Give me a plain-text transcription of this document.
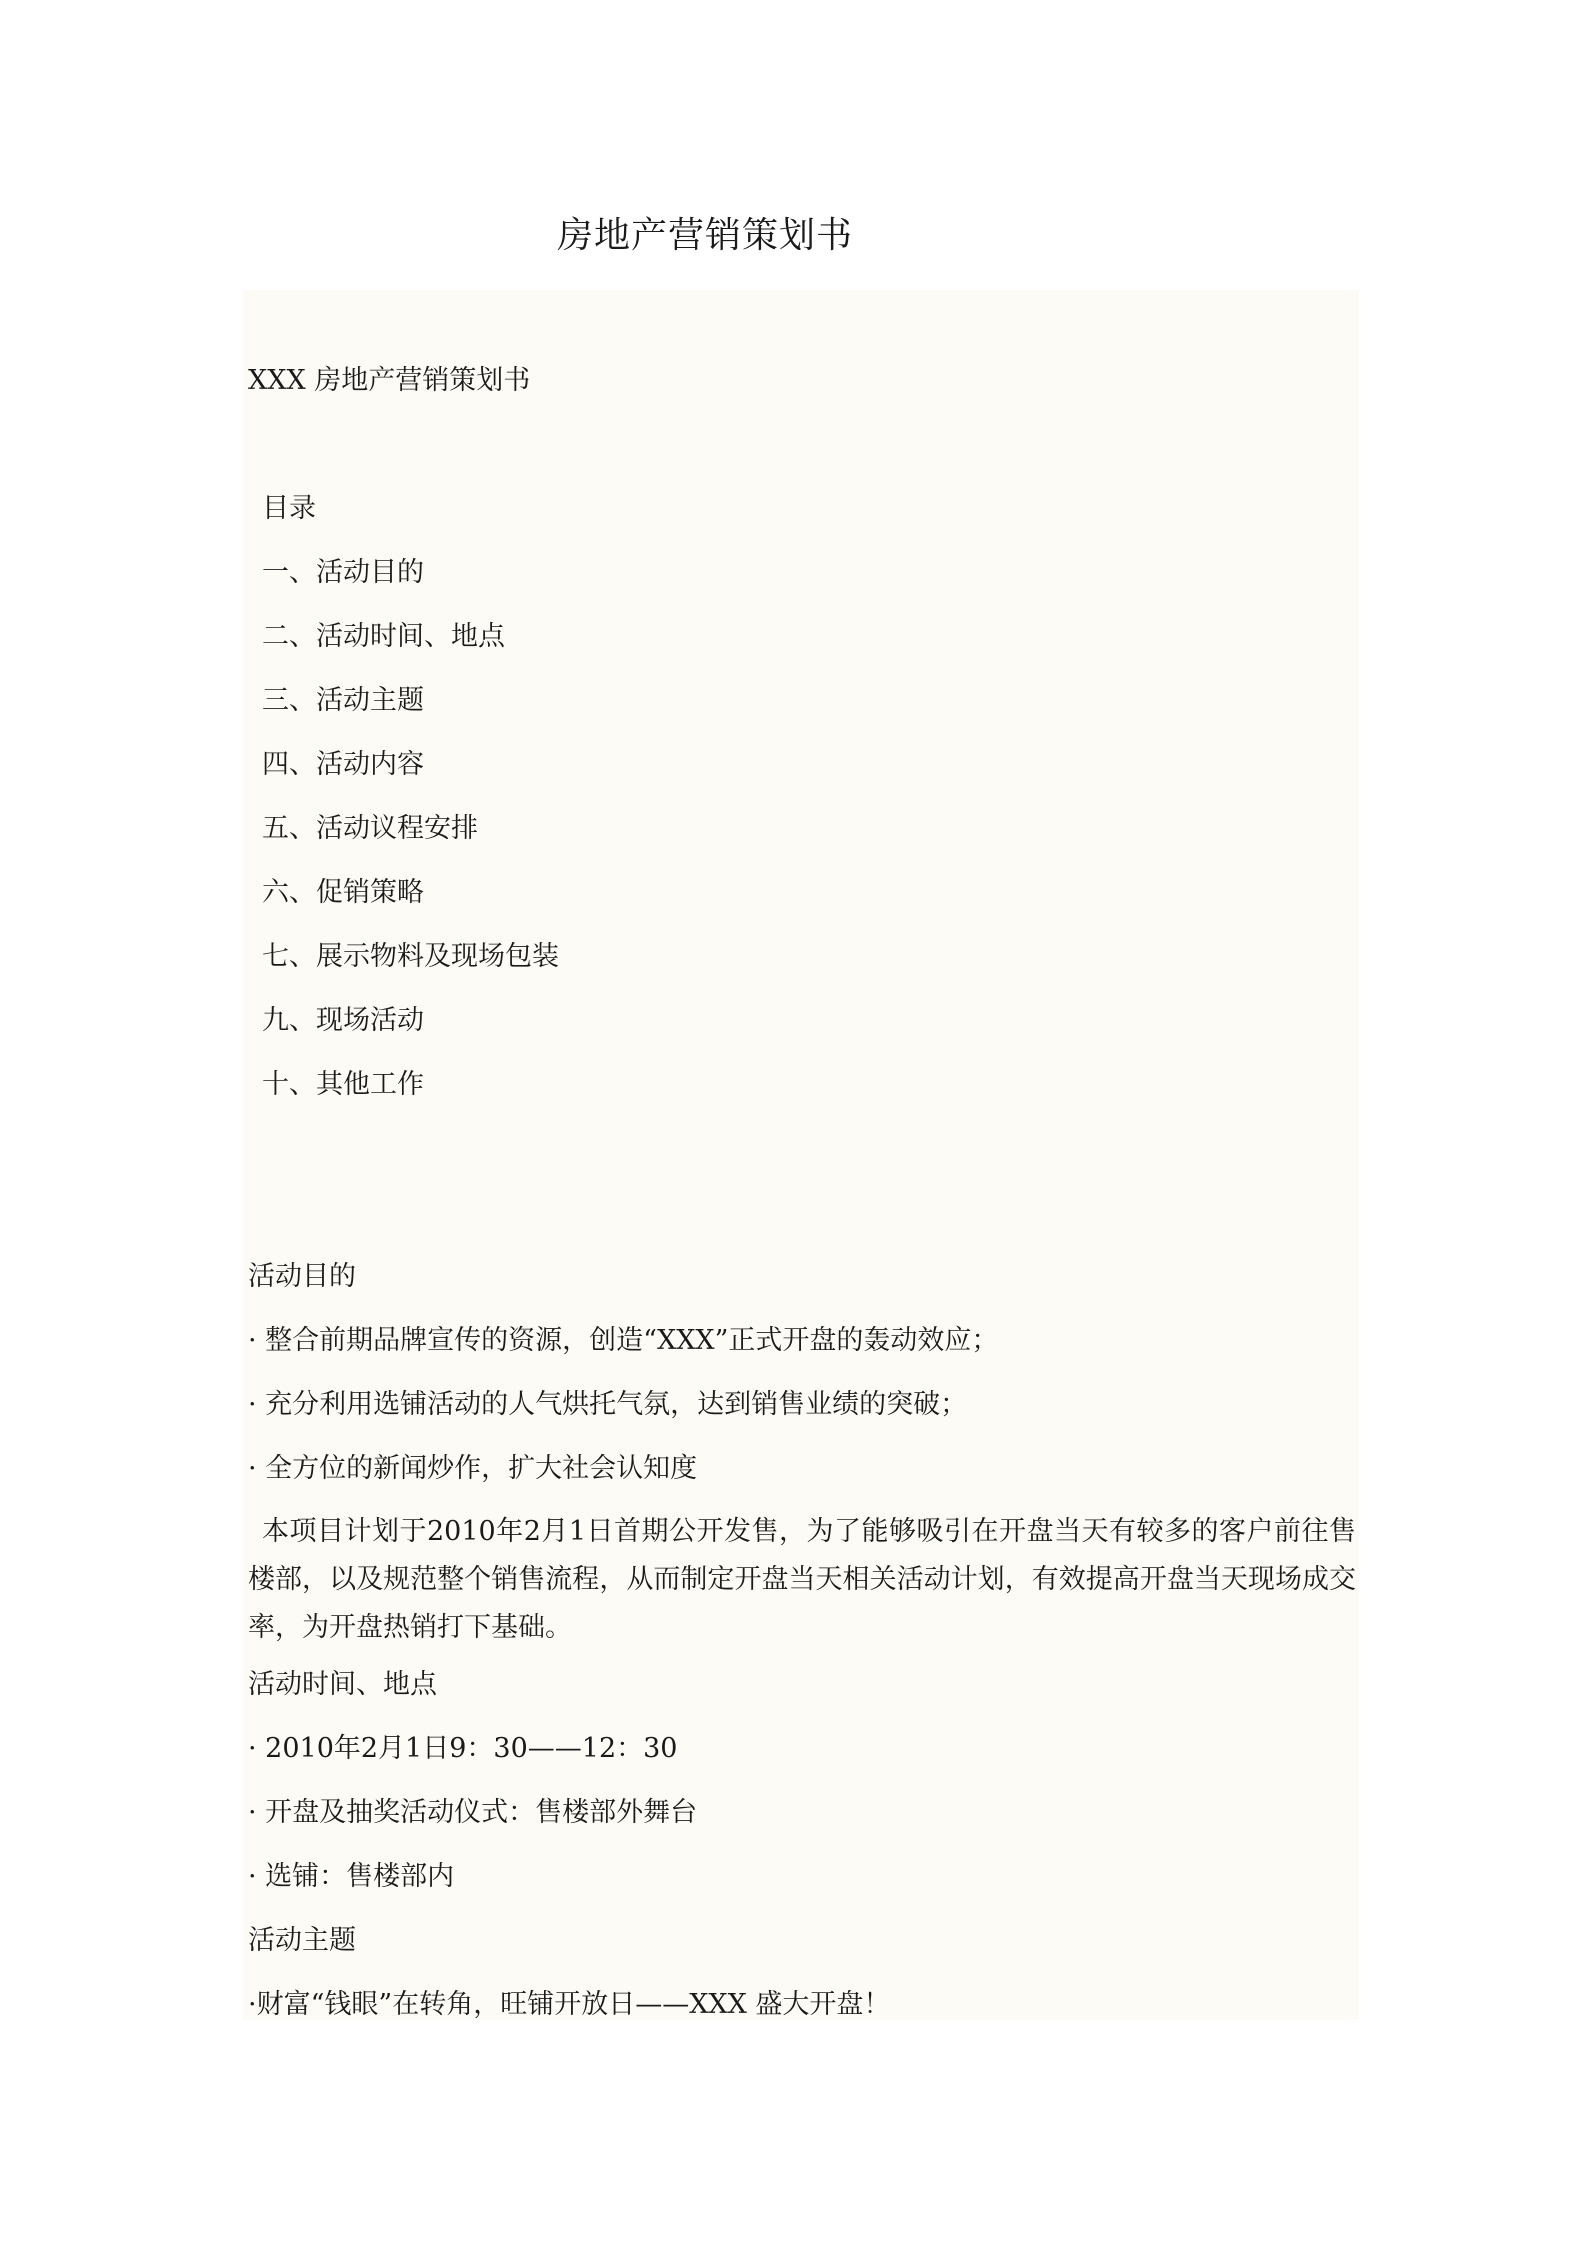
房地产营销策划书
XXX 房地产营销策划书
目录
一、活动目的
二、活动时间、地点
三、活动主题
四、活动内容
五、活动议程安排
六、促销策略
七、展示物料及现场包装
九、现场活动
十、其他工作
活动目的
· 整合前期品牌宣传的资源，创造“XXX”正式开盘的轰动效应；
· 充分利用选铺活动的人气烘托气氛，达到销售业绩的突破；
· 全方位的新闻炒作，扩大社会认知度
本项目计划于2010年2月1日首期公开发售，为了能够吸引在开盘当天有较多的客户前往售楼部，以及规范整个销售流程，从而制定开盘当天相关活动计划，有效提高开盘当天现场成交率，为开盘热销打下基础。
活动时间、地点
· 2010年2月1日9：30——12：30
· 开盘及抽奖活动仪式：售楼部外舞台
· 选铺：售楼部内
活动主题
·财富“钱眼”在转角，旺铺开放日——XXX 盛大开盘！
